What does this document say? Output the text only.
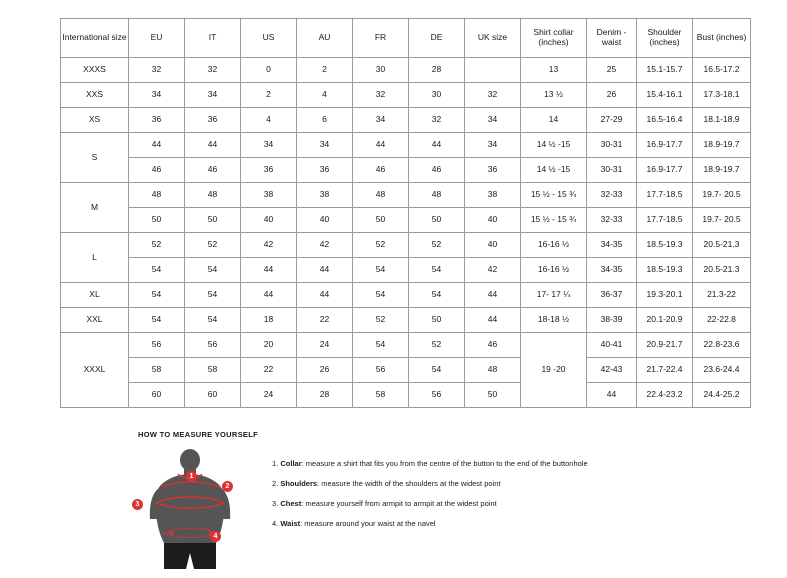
International size	EU	IT	US	AU	FR	DE	UK size	Shirt collar (inches)	Denim - waist	Shoulder (inches)	Bust (inches)
XXXS	32	32	0	2	30	28		13	25	15.1-15.7	16.5-17.2
XXS	34	34	2	4	32	30	32	13 ½	26	15.4-16.1	17.3-18.1
XS	36	36	4	6	34	32	34	14	27-29	16.5-16.4	18.1-18.9
S	44	44	34	34	44	44	34	14 ½ -15	30-31	16.9-17.7	18.9-19.7
	46	46	36	36	46	46	36	14 ½ -15	30-31	16.9-17.7	18.9-19.7
M	48	48	38	38	48	48	38	15 ½ - 15 ¾	32-33	17.7-18.5	19.7- 20.5
	50	50	40	40	50	50	40	15 ½ - 15 ¾	32-33	17.7-18.5	19.7- 20.5
L	52	52	42	42	52	52	40	16-16 ½	34-35	18.5-19.3	20.5-21.3
	54	54	44	44	54	54	42	16-16 ½	34-35	18.5-19.3	20.5-21.3
XL	54	54	44	44	54	54	44	17- 17 ¼	36-37	19.3-20.1	21.3-22
XXL	54	54	18	22	52	50	44	18-18 ½	38-39	20.1-20.9	22-22.8
XXXL	56	56	20	24	54	52	46	19 -20	40-41	20.9-21.7	22.8-23.6
	58	58	22	26	56	54	48		42-43	21.7-22.4	23.6-24.4
	60	60	24	28	58	56	50		44	22.4-23.2	24.4-25.2
HOW TO MEASURE YOURSELF
1
2
3
4
1. Collar: measure a shirt that fits you from the centre of the button to the end of the buttonhole
2. Shoulders: measure the width of the shoulders at the widest point
3. Chest: measure yourself from armpit to armpit at the widest point
4. Waist: measure around your waist at the navel
